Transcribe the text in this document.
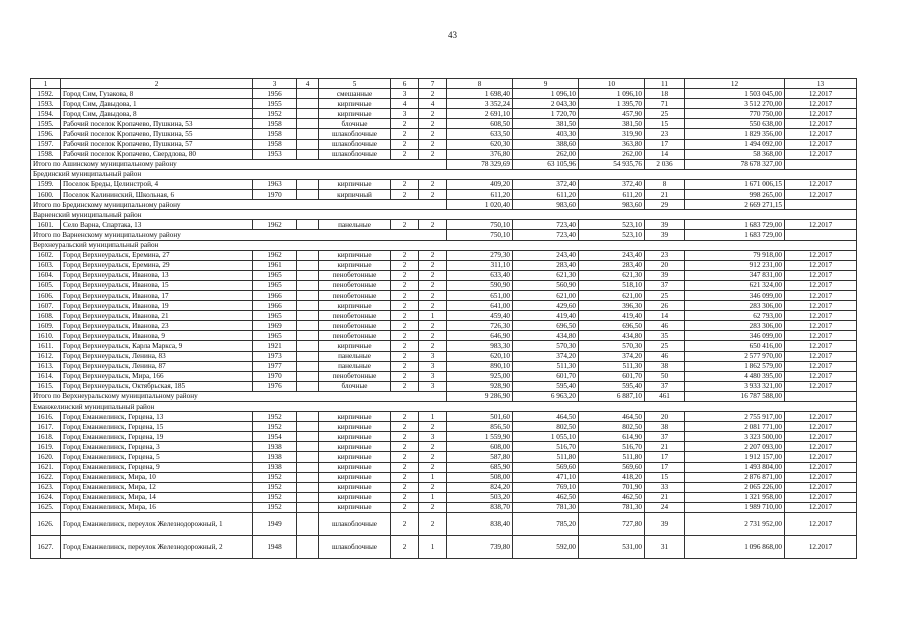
43
1	2	3	4	5	6	7	8	9	10	11	12	13
1592.	Город Сим, Гузакова, 8	1956		смешанные	3	2	1 698,40	1 096,10	1 096,10	18	1 503 045,00	12.2017
1593.	Город Сим, Давыдова, 1	1955		кирпичные	4	4	3 352,24	2 043,30	1 395,70	71	3 512 270,00	12.2017
1594.	Город Сим, Давыдова, 8	1952		кирпичные	3	2	2 691,10	1 720,70	457,90	25	770 750,00	12.2017
1595.	Рабочий поселок Кропачево, Пушкина, 53	1958		блочные	2	2	608,50	381,50	381,50	15	550 638,00	12.2017
1596.	Рабочий поселок Кропачево, Пушкина, 55	1958		шлакоблочные	2	2	633,50	403,30	319,90	23	1 829 356,00	12.2017
1597.	Рабочий поселок Кропачево, Пушкина, 57	1958		шлакоблочные	2	2	620,30	388,60	363,80	17	1 494 092,00	12.2017
1598.	Рабочий поселок Кропачево, Свердлова, 80	1953		шлакоблочные	2	2	376,80	262,00	262,00	14	58 368,00	12.2017
Итого по Ашинскому муниципальному району							78 329,69	63 105,96	54 935,76	2 036	78 678 327,00	
Брединский муниципальный район												
1599.	Поселок Бреды, Целинстрой, 4	1963		кирпичные	2	2	409,20	372,40	372,40	8	1 671 006,15	12.2017
1600.	Поселок Калининский, Школьная, 6	1970		кирпичный	2	2	611,20	611,20	611,20	21	998 265,00	12.2017
Итого по Брединскому муниципальному району							1 020,40	983,60	983,60	29	2 669 271,15	
Варненский муниципальный район												
1601.	Село Варна, Спартака, 13	1962		панельные	2	2	750,10	723,40	523,10	39	1 683 729,00	12.2017
Итого по Варненскому муниципальному району							750,10	723,40	523,10	39	1 683 729,00	
Верхнеуральский муниципальный район												
1602.	Город Верхнеуральск, Еремина, 27	1962		кирпичные	2	2	279,30	243,40	243,40	23	79 918,00	12.2017
1603.	Город Верхнеуральск, Еремина, 29	1961		кирпичные	2	2	311,10	283,40	283,40	20	912 231,00	12.2017
1604.	Город Верхнеуральск, Иванова, 13	1965		пенобетонные	2	2	633,40	621,30	621,30	39	347 831,00	12.2017
1605.	Город Верхнеуральск, Иванова, 15	1965		пенобетонные	2	2	590,90	560,90	518,10	37	621 324,00	12.2017
1606.	Город Верхнеуральск, Иванова, 17	1966		пенобетонные	2	2	651,00	621,00	621,00	25	346 099,00	12.2017
1607.	Город Верхнеуральск, Иванова, 19	1966		кирпичные	2	2	641,00	429,60	396,30	26	283 306,00	12.2017
1608.	Город Верхнеуральск, Иванова, 21	1965		пенобетонные	2	1	459,40	419,40	419,40	14	62 793,00	12.2017
1609.	Город Верхнеуральск, Иванова, 23	1969		пенобетонные	2	2	726,30	696,50	696,50	46	283 306,00	12.2017
1610.	Город Верхнеуральск, Иванова, 9	1965		пенобетонные	2	2	646,90	434,80	434,80	35	346 099,00	12.2017
1611.	Город Верхнеуральск, Карла Маркса, 9	1921		кирпичные	2	2	983,30	570,30	570,30	25	650 416,00	12.2017
1612.	Город Верхнеуральск, Ленина, 83	1973		панельные	2	3	620,10	374,20	374,20	46	2 577 970,00	12.2017
1613.	Город Верхнеуральск, Ленина, 87	1977		панельные	2	3	890,10	511,30	511,30	38	1 862 579,00	12.2017
1614.	Город Верхнеуральск, Мира, 166	1970		пенобетонные	2	3	925,00	601,70	601,70	50	4 480 395,00	12.2017
1615.	Город Верхнеуральск, Октябрьская, 185	1976		блочные	2	3	928,90	595,40	595,40	37	3 933 321,00	12.2017
Итого по Верхнеуральскому муниципальному району							9 286,90	6 963,20	6 887,10	461	16 787 588,00	
Еманжелинский муниципальный район												
1616.	Город Еманжелинск, Герцена, 13	1952		кирпичные	2	1	501,60	464,50	464,50	20	2 755 917,00	12.2017
1617.	Город Еманжелинск, Герцена, 15	1952		кирпичные	2	2	856,50	802,50	802,50	38	2 081 771,00	12.2017
1618.	Город Еманжелинск, Герцена, 19	1954		кирпичные	2	3	1 559,90	1 055,10	614,90	37	3 323 500,00	12.2017
1619.	Город Еманжелинск, Герцена, 3	1938		кирпичные	2	2	608,00	516,70	516,70	21	2 207 093,00	12.2017
1620.	Город Еманжелинск, Герцена, 5	1938		кирпичные	2	2	587,80	511,80	511,80	17	1 912 157,00	12.2017
1621.	Город Еманжелинск, Герцена, 9	1938		кирпичные	2	2	685,90	569,60	569,60	17	1 493 804,00	12.2017
1622.	Город Еманжелинск, Мира, 10	1952		кирпичные	2	1	508,00	471,10	418,20	15	2 876 871,00	12.2017
1623.	Город Еманжелинск, Мира, 12	1952		кирпичные	2	2	824,20	769,10	701,90	33	2 065 226,00	12.2017
1624.	Город Еманжелинск, Мира, 14	1952		кирпичные	2	1	503,20	462,50	462,50	21	1 321 958,00	12.2017
1625.	Город Еманжелинск, Мира, 16	1952		кирпичные	2	2	838,70	781,30	781,30	24	1 989 710,00	12.2017
1626.	Город Еманжелинск, переулок Железнодорожный, 1	1949		шлакоблочные	2	2	838,40	785,20	727,80	39	2 731 952,00	12.2017
1627.	Город Еманжелинск, переулок Железнодорожный, 2	1948		шлакоблочные	2	1	739,80	592,00	531,00	31	1 096 868,00	12.2017
